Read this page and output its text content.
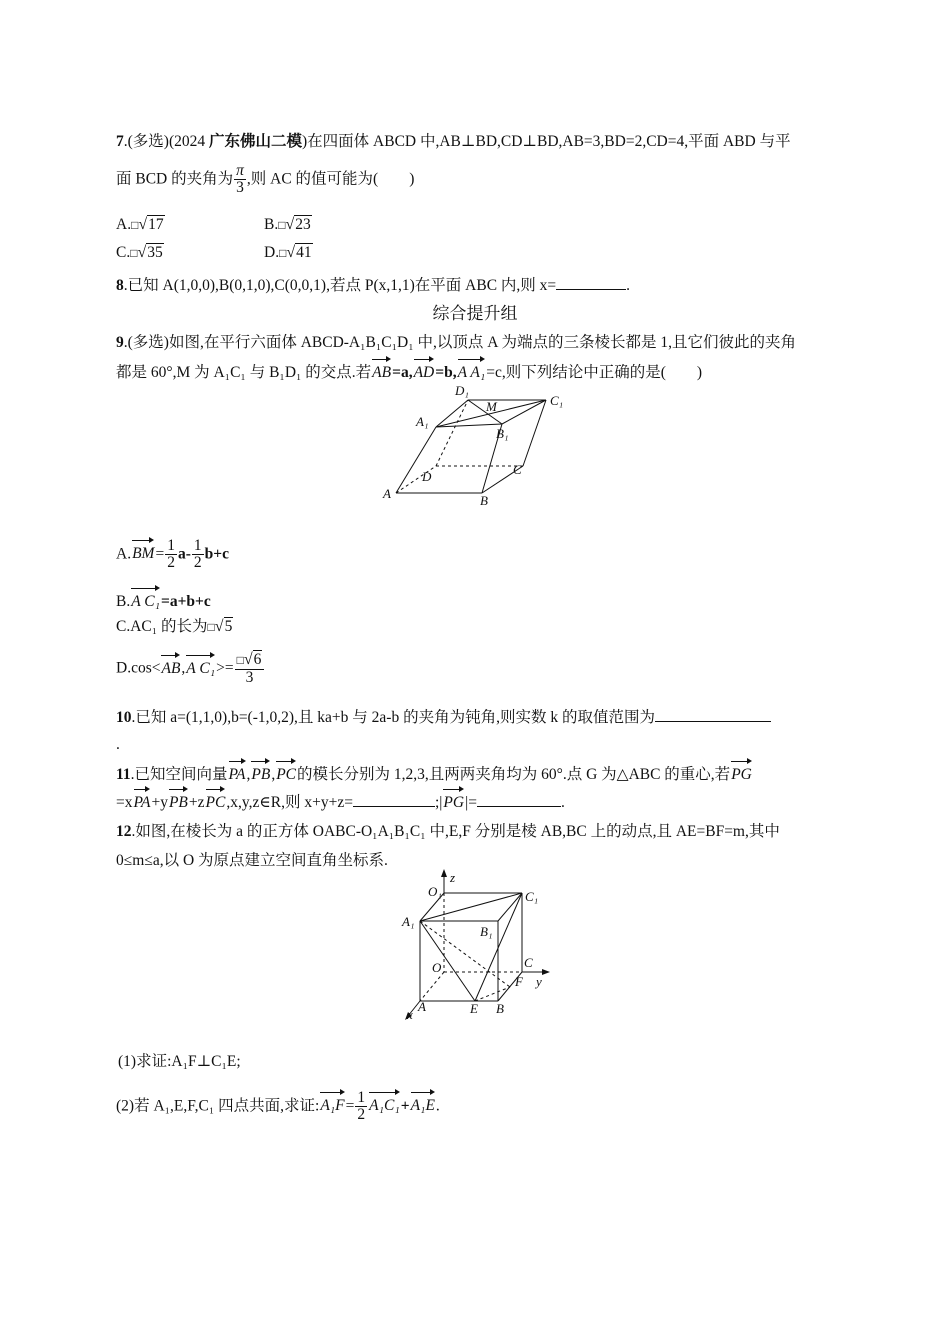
7.(多选)(2024 广东佛山二模)在四面体 ABCD 中,AB⊥BD,CD⊥BD,AB=3,BD=2,CD=4,平面 ABD 与平
面 BCD 的夹角为 $\frac{\pi}{3}$ ,则 AC 的值可能为(　　)
A.□√17	B.□√23
C.□√35	D.□√41
8.已知 A(1,0,0),B(0,1,0),C(0,0,1),若点 P(x,1,1)在平面 ABC 内,则 x=	.
综合提升组
9.(多选)如图,在平行六面体 ABCD-A₁B₁C₁D₁ 中,以顶点 A 为端点的三条棱长都是 1,且它们彼此的夹角
都是 60°,M 为 A₁C₁ 与 B₁D₁ 的交点.若AB=a,AD=b,A A₁=c,则下列结论中正确的是(　　)
A	B
C
D
A₁
B₁
C₁
D₁
M
$A.BM= \frac{1}{2} a- \frac{1}{2} b+c$
B.A C₁=a+b+c
C.AC₁ 的长为□√5
D.cos<AB,A $C_1>= \frac{□√6}{3}$
10.已知 a=(1,1,0),b=(-1,0,2),且 ka+b 与 2a-b 的夹角为钝角,则实数 k 的取值范围为
.
11.已知空间向量PA,PB,PC的模长分别为 1,2,3,且两两夹角均为 60°.点 G 为△ABC 的重心,若PG
=xPA+yPB+zPC,x,y,z∈R,则 x+y+z=	;|PG|=	.
12.如图,在棱长为 a 的正方体 OABC-O₁A₁B₁C₁ 中,E,F 分别是棱 AB,BC 上的动点,且 AE=BF=m,其中
0≤m≤a,以 O 为原点建立空间直角坐标系.
z
O₁	C₁
A₁
B₁
O	C
y
F
A	E B
x
(1)求证:A₁F⊥C₁E;
(2)若 A₁,E,F,C₁ 四点共面,求证:A₁F= $\frac{1}{2} A_1C_1+A_1E$.
